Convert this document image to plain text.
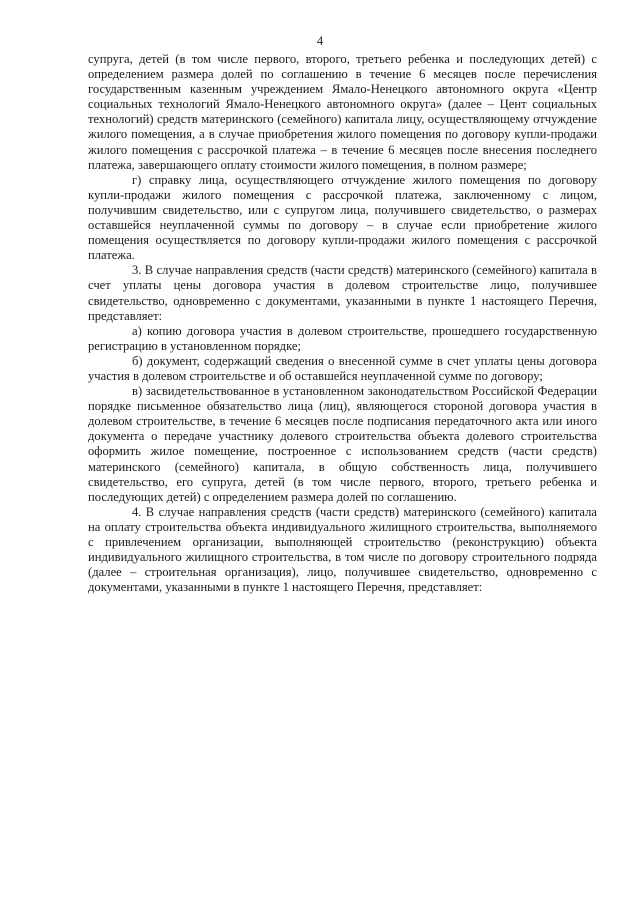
4

супруга, детей (в том числе первого, второго, третьего ребенка и последующих детей) с определением размера долей по соглашению в течение 6 месяцев после перечисления государственным казенным учреждением Ямало-Ненецкого автономного округа «Центр социальных технологий Ямало-Ненецкого автономного округа» (далее – Цент социальных технологий) средств материнского (семейного) капитала лицу, осуществляющему отчуждение жилого помещения, а в случае приобретения жилого помещения по договору купли-продажи жилого помещения с рассрочкой платежа – в течение 6 месяцев после внесения последнего платежа, завершающего оплату стоимости жилого помещения, в полном размере;

г) справку лица, осуществляющего отчуждение жилого помещения по договору купли-продажи жилого помещения с рассрочкой платежа, заключенному с лицом, получившим свидетельство, или с супругом лица, получившего свидетельство, о размерах оставшейся неуплаченной суммы по договору – в случае если приобретение жилого помещения осуществляется по договору купли-продажи жилого помещения с рассрочкой платежа.

3. В случае направления средств (части средств) материнского (семейного) капитала в счет уплаты цены договора участия в долевом строительстве лицо, получившее свидетельство, одновременно с документами, указанными в пункте 1 настоящего Перечня, представляет:

а) копию договора участия в долевом строительстве, прошедшего государственную регистрацию в установленном порядке;

б) документ, содержащий сведения о внесенной сумме в счет уплаты цены договора участия в долевом строительстве и об оставшейся неуплаченной сумме по договору;

в) засвидетельствованное в установленном законодательством Российской Федерации порядке письменное обязательство лица (лиц), являющегося стороной договора участия в долевом строительстве, в течение 6 месяцев после подписания передаточного акта или иного документа о передаче участнику долевого строительства объекта долевого строительства оформить жилое помещение, построенное с использованием средств (части средств) материнского (семейного) капитала, в общую собственность лица, получившего свидетельство, его супруга, детей (в том числе первого, второго, третьего ребенка и последующих детей) с определением размера долей по соглашению.

4. В случае направления средств (части средств) материнского (семейного) капитала на оплату строительства объекта индивидуального жилищного строительства, выполняемого с привлечением организации, выполняющей строительство (реконструкцию) объекта индивидуального жилищного строительства, в том числе по договору строительного подряда (далее – строительная организация), лицо, получившее свидетельство, одновременно с документами, указанными в пункте 1 настоящего Перечня, представляет:
